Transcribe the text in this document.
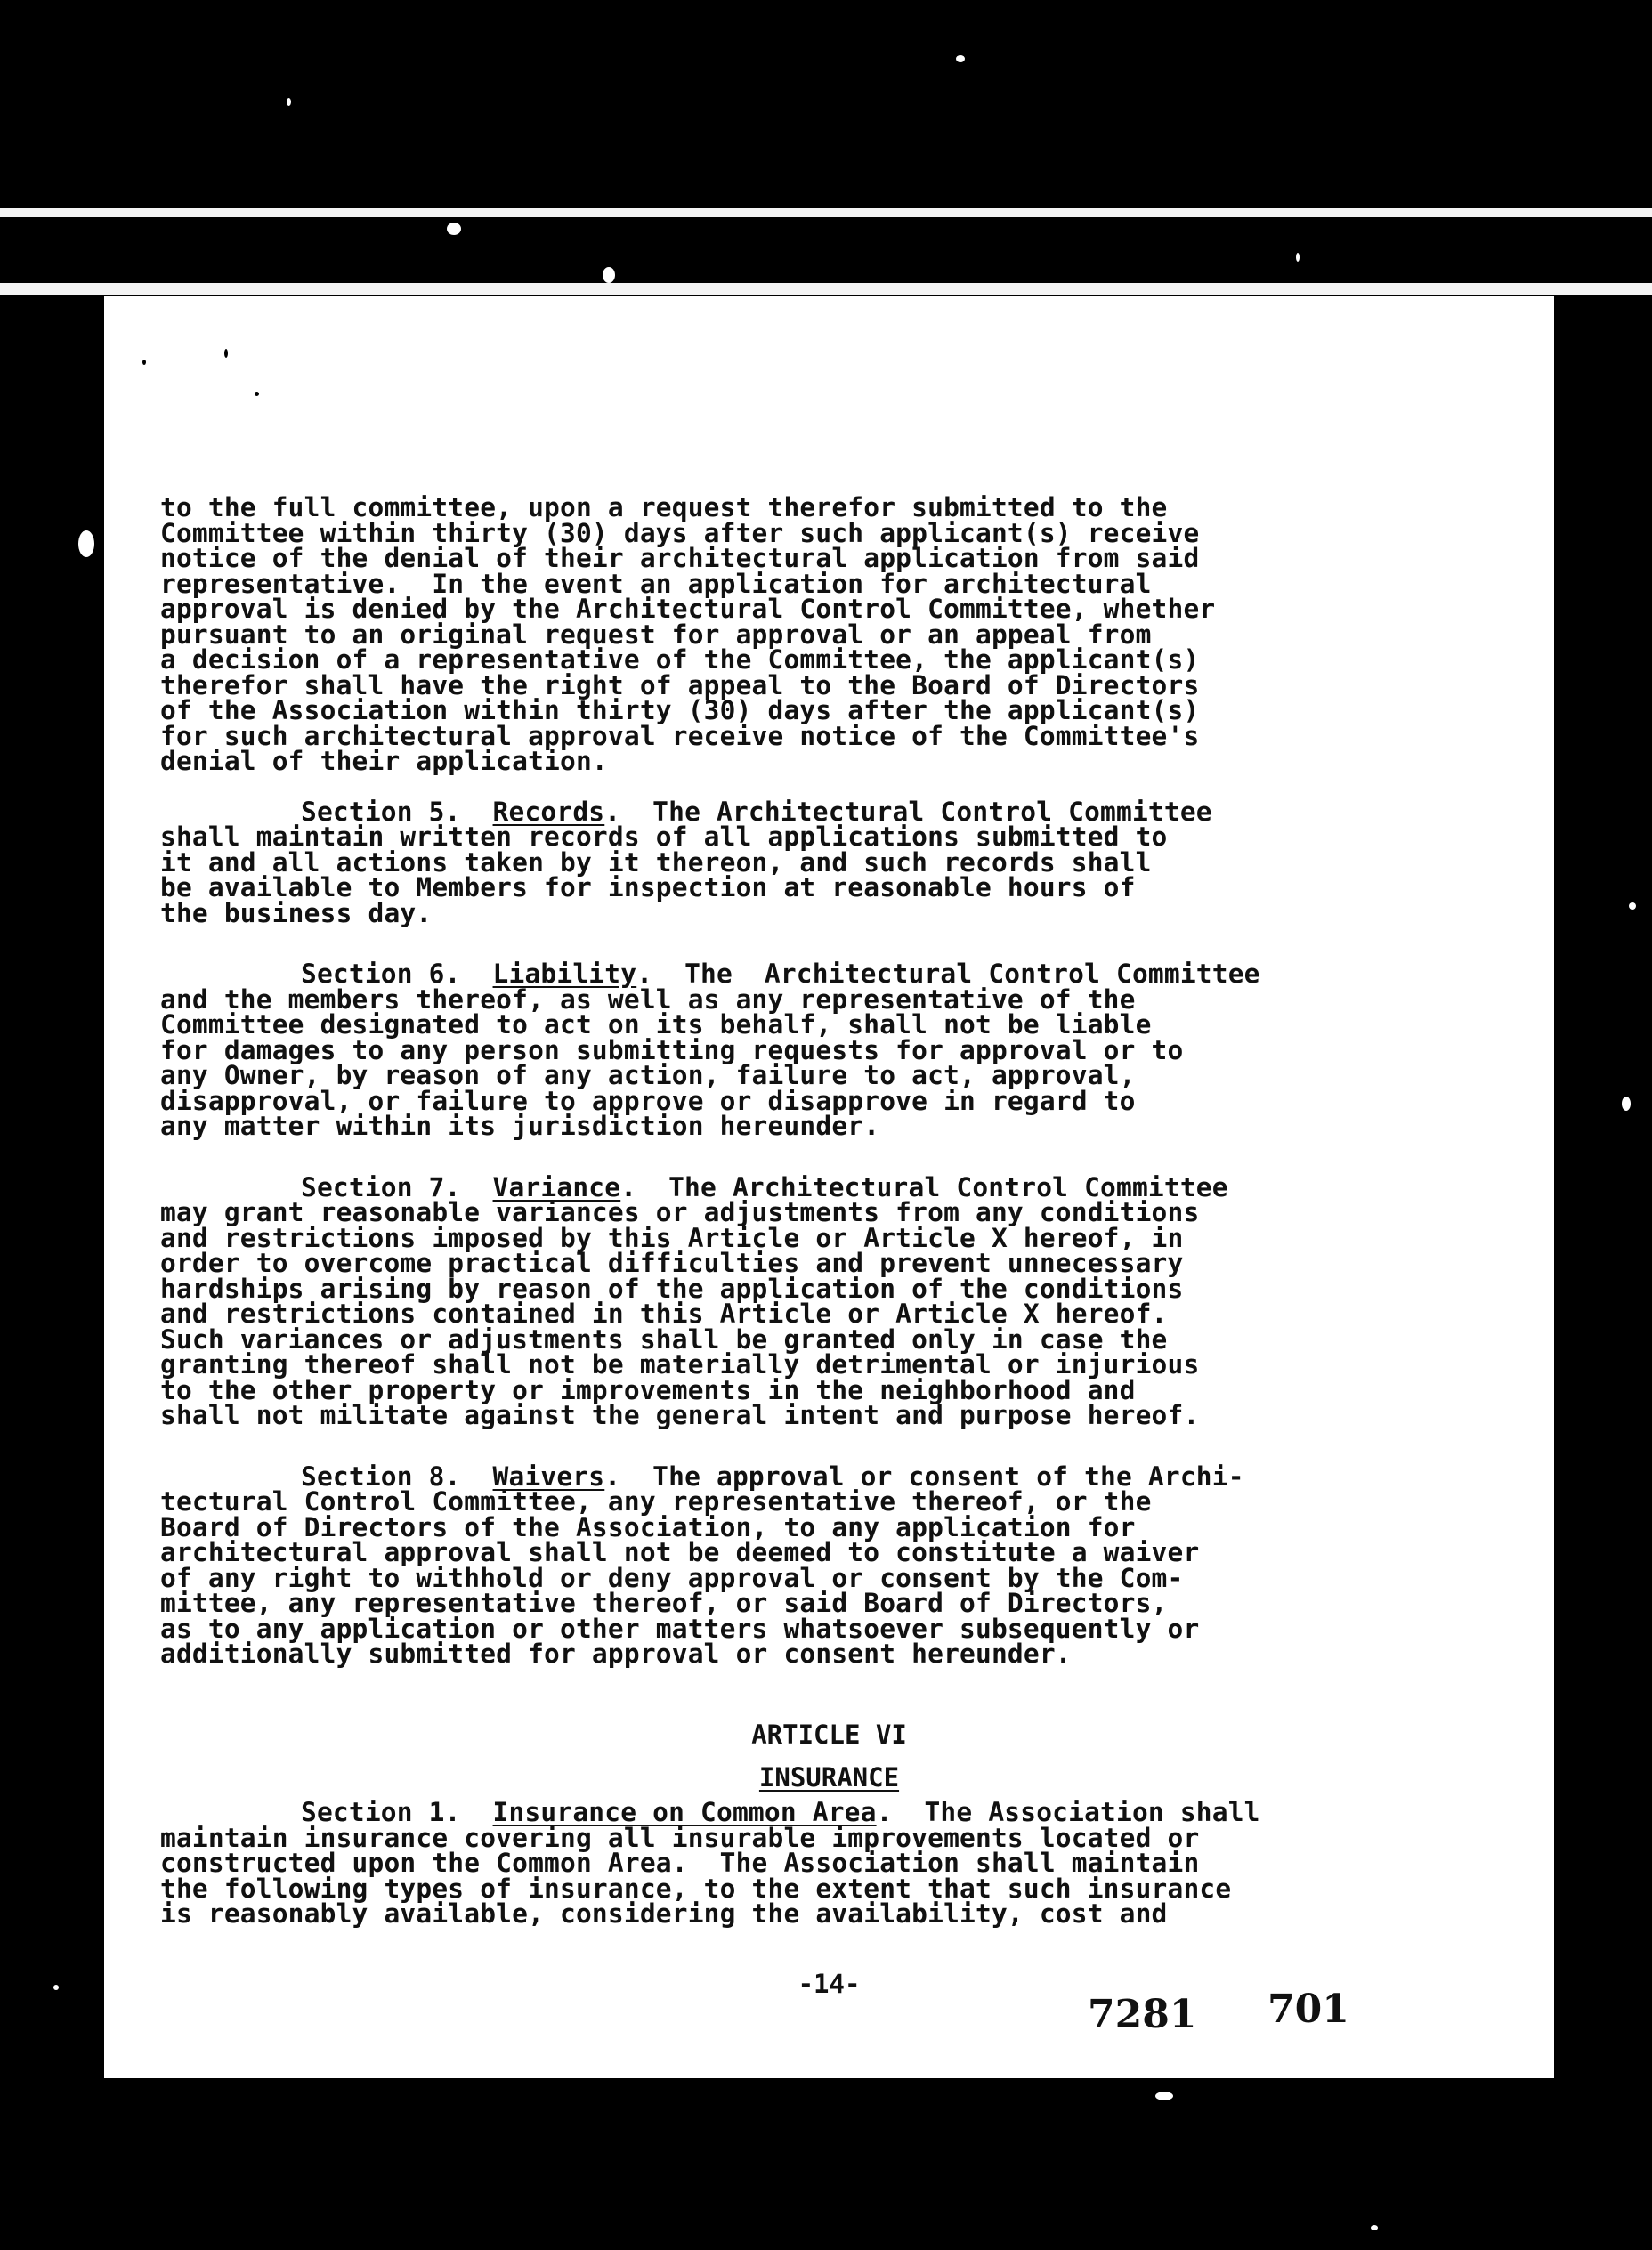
to the full committee, upon a request therefor submitted to the
Committee within thirty (30) days after such applicant(s) receive
notice of the denial of their architectural application from said
representative.  In the event an application for architectural
approval is denied by the Architectural Control Committee, whether
pursuant to an original request for approval or an appeal from
a decision of a representative of the Committee, the applicant(s)
therefor shall have the right of appeal to the Board of Directors
of the Association within thirty (30) days after the applicant(s)
for such architectural approval receive notice of the Committee's
denial of their application.
Section 5. Records.  The Architectural Control Committee
shall maintain written records of all applications submitted to
it and all actions taken by it thereon, and such records shall
be available to Members for inspection at reasonable hours of
the business day.
Section 6. Liability.  The  Architectural Control Committee
and the members thereof, as well as any representative of the
Committee designated to act on its behalf, shall not be liable
for damages to any person submitting requests for approval or to
any Owner, by reason of any action, failure to act, approval,
disapproval, or failure to approve or disapprove in regard to
any matter within its jurisdiction hereunder.
Section 7. Variance.  The Architectural Control Committee
may grant reasonable variances or adjustments from any conditions
and restrictions imposed by this Article or Article X hereof, in
order to overcome practical difficulties and prevent unnecessary
hardships arising by reason of the application of the conditions
and restrictions contained in this Article or Article X hereof.
Such variances or adjustments shall be granted only in case the
granting thereof shall not be materially detrimental or injurious
to the other property or improvements in the neighborhood and
shall not militate against the general intent and purpose hereof.
Section 8. Waivers.  The approval or consent of the Archi-
tectural Control Committee, any representative thereof, or the
Board of Directors of the Association, to any application for
architectural approval shall not be deemed to constitute a waiver
of any right to withhold or deny approval or consent by the Com-
mittee, any representative thereof, or said Board of Directors,
as to any application or other matters whatsoever subsequently or
additionally submitted for approval or consent hereunder.
ARTICLE VI
INSURANCE
Section 1. Insurance on Common Area.  The Association shall
maintain insurance covering all insurable improvements located or
constructed upon the Common Area.  The Association shall maintain
the following types of insurance, to the extent that such insurance
is reasonably available, considering the availability, cost and
-14-
7281 701
